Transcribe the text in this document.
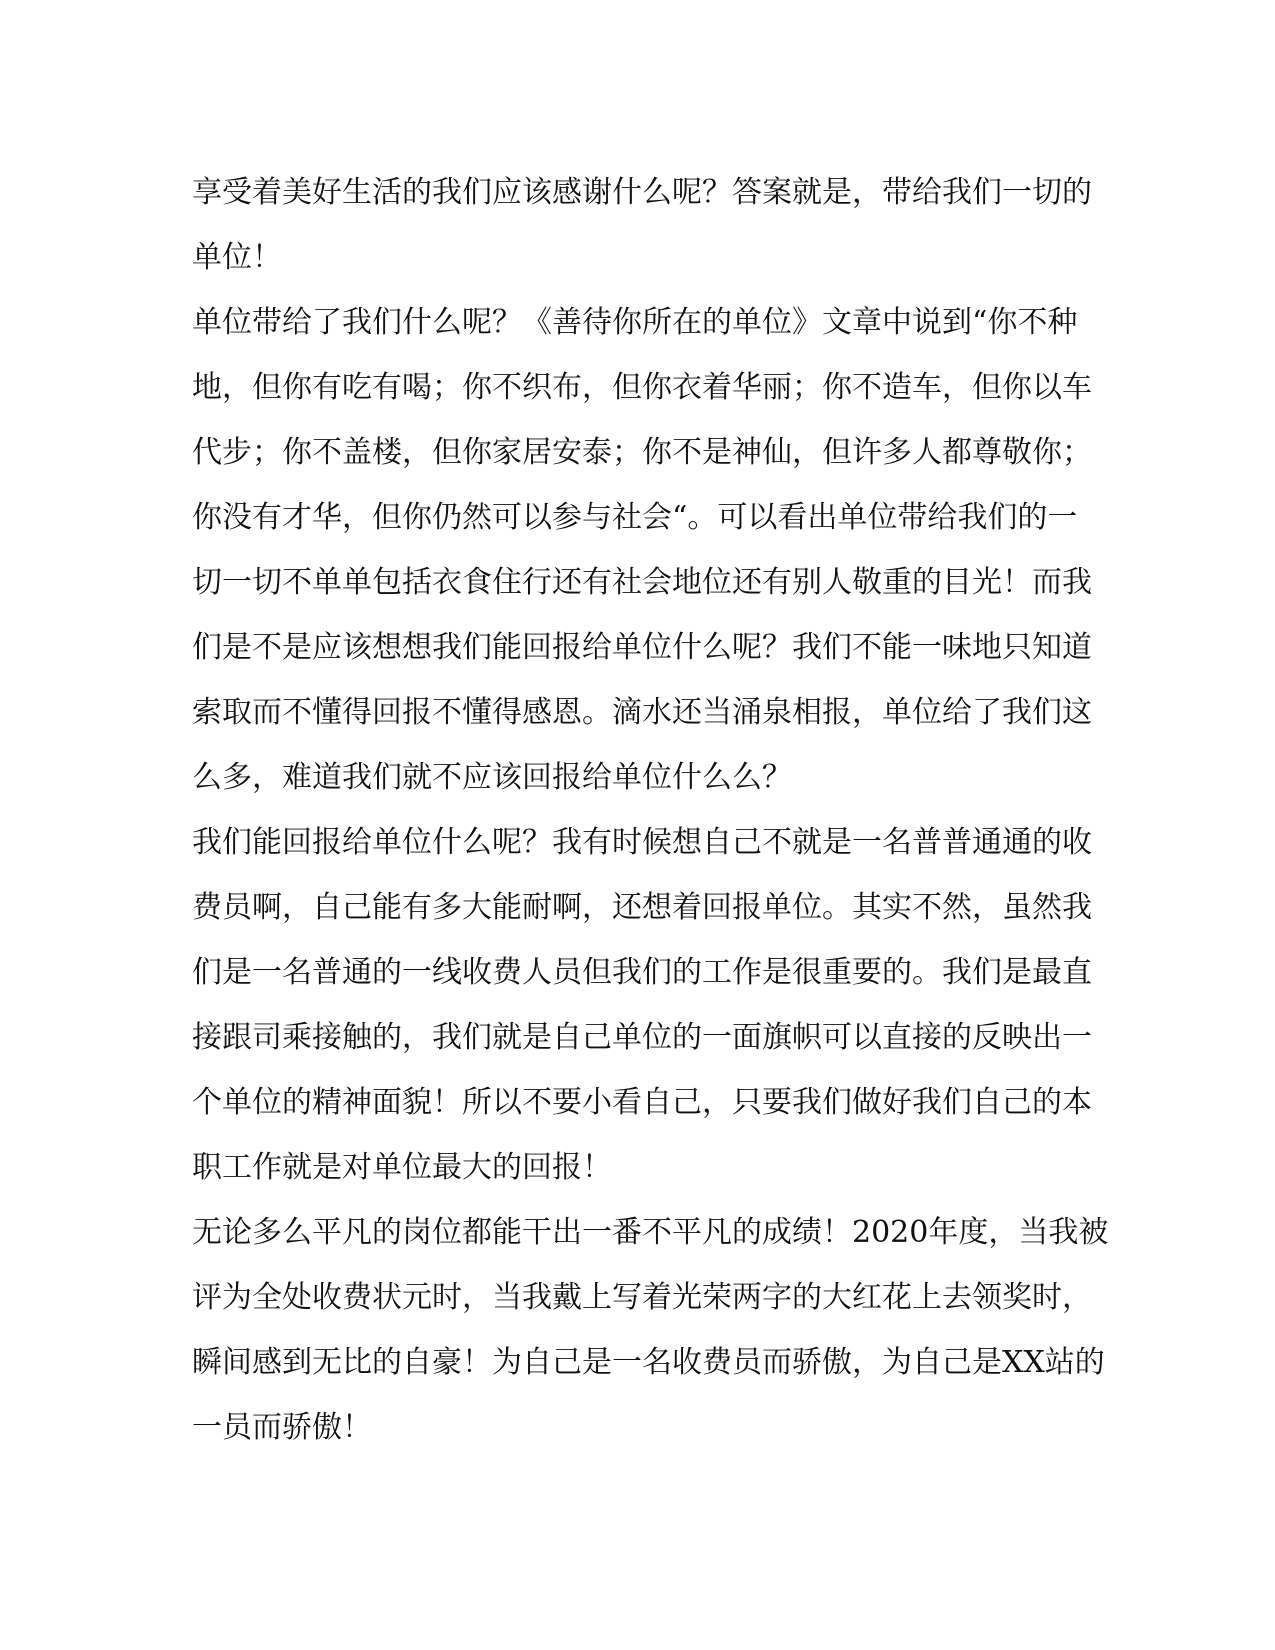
享受着美好生活的我们应该感谢什么呢？答案就是，带给我们一切的
单位！
单位带给了我们什么呢？《善待你所在的单位》文章中说到“你不种
地，但你有吃有喝；你不织布，但你衣着华丽；你不造车，但你以车
代步；你不盖楼，但你家居安泰；你不是神仙，但许多人都尊敬你；
你没有才华，但你仍然可以参与社会“。可以看出单位带给我们的一
切一切不单单包括衣食住行还有社会地位还有别人敬重的目光！而我
们是不是应该想想我们能回报给单位什么呢？我们不能一味地只知道
索取而不懂得回报不懂得感恩。滴水还当涌泉相报，单位给了我们这
么多，难道我们就不应该回报给单位什么么？
我们能回报给单位什么呢？我有时候想自己不就是一名普普通通的收
费员啊，自己能有多大能耐啊，还想着回报单位。其实不然，虽然我
们是一名普通的一线收费人员但我们的工作是很重要的。我们是最直
接跟司乘接触的，我们就是自己单位的一面旗帜可以直接的反映出一
个单位的精神面貌！所以不要小看自己，只要我们做好我们自己的本
职工作就是对单位最大的回报！
无论多么平凡的岗位都能干出一番不平凡的成绩！2020年度，当我被
评为全处收费状元时，当我戴上写着光荣两字的大红花上去领奖时，
瞬间感到无比的自豪！为自己是一名收费员而骄傲，为自己是XX站的
一员而骄傲！
